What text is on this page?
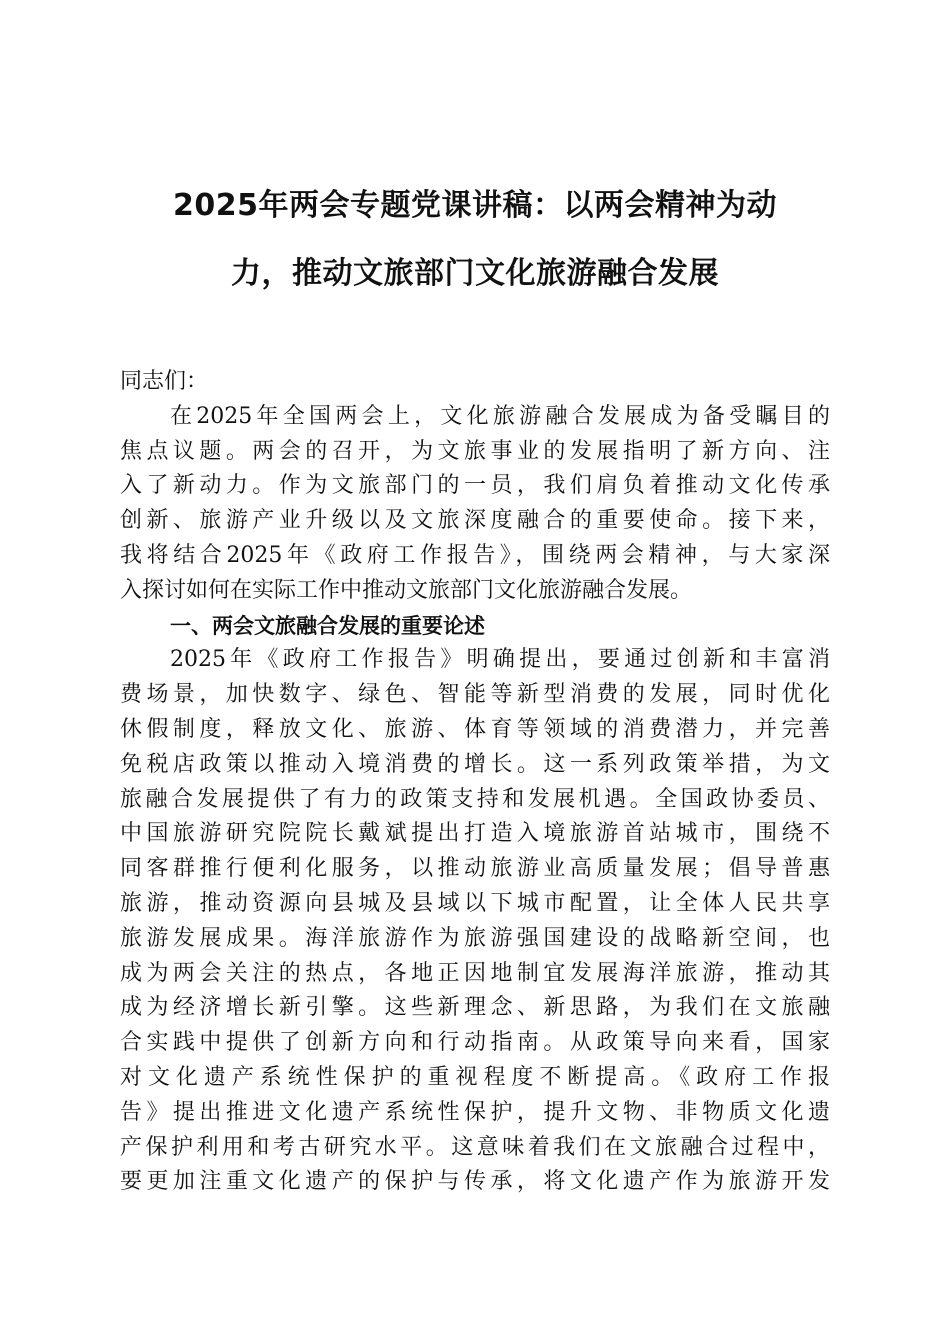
2025年两会专题党课讲稿：以两会精神为动
力，推动文旅部门文化旅游融合发展
同志们：
在2025年全国两会上，文化旅游融合发展成为备受瞩目的
焦点议题。两会的召开，为文旅事业的发展指明了新方向、注
入了新动力。作为文旅部门的一员，我们肩负着推动文化传承
创新、旅游产业升级以及文旅深度融合的重要使命。接下来，
我将结合2025年《政府工作报告》，围绕两会精神，与大家深
入探讨如何在实际工作中推动文旅部门文化旅游融合发展。
一、两会文旅融合发展的重要论述
2025年《政府工作报告》明确提出，要通过创新和丰富消
费场景，加快数字、绿色、智能等新型消费的发展，同时优化
休假制度，释放文化、旅游、体育等领域的消费潜力，并完善
免税店政策以推动入境消费的增长。这一系列政策举措，为文
旅融合发展提供了有力的政策支持和发展机遇。全国政协委员、
中国旅游研究院院长戴斌提出打造入境旅游首站城市，围绕不
同客群推行便利化服务，以推动旅游业高质量发展；倡导普惠
旅游，推动资源向县城及县域以下城市配置，让全体人民共享
旅游发展成果。海洋旅游作为旅游强国建设的战略新空间，也
成为两会关注的热点，各地正因地制宜发展海洋旅游，推动其
成为经济增长新引擎。这些新理念、新思路，为我们在文旅融
合实践中提供了创新方向和行动指南。从政策导向来看，国家
对文化遗产系统性保护的重视程度不断提高。《政府工作报
告》提出推进文化遗产系统性保护，提升文物、非物质文化遗
产保护利用和考古研究水平。这意味着我们在文旅融合过程中，
要更加注重文化遗产的保护与传承，将文化遗产作为旅游开发
